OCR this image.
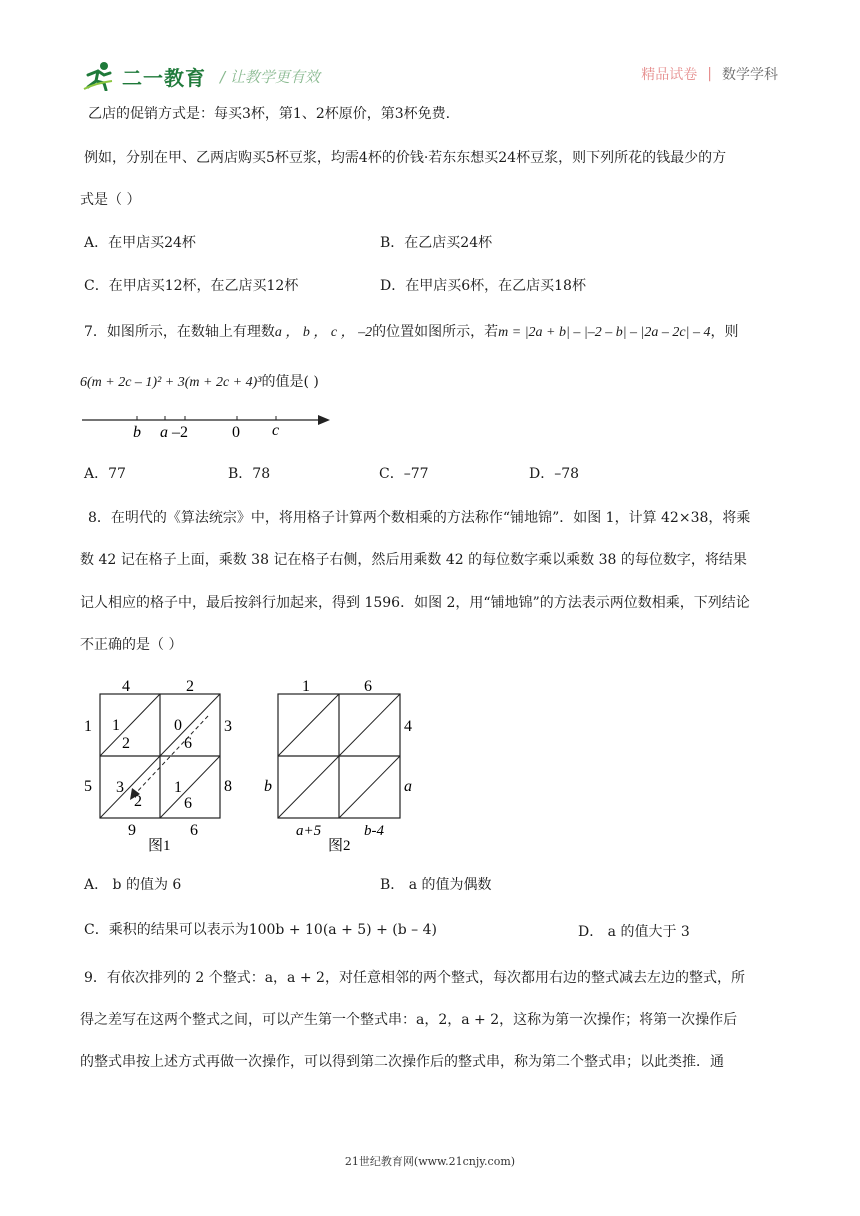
二一教育 / 让教学更有效	精品试卷 | 数学学科
乙店的促销方式是：每买3杯，第1、2杯原价，第3杯免费.
例如，分别在甲、乙两店购买5杯豆浆，均需4杯的价钱·若东东想买24杯豆浆，则下列所花的钱最少的方
式是（ ）
A．在甲店买24杯	B．在乙店买24杯
C．在甲店买12杯，在乙店买12杯	D．在甲店买6杯，在乙店买18杯
7．如图所示，在数轴上有理数a ， b ， c ， –2的位置如图所示，若m = |2a + b| – |–2 – b| – |2a – 2c| – 4，则
6(m + 2c – 1)² + 3(m + 2c + 4)³的值是( )
b a –2	0 c
A．77	B．78	C．–77	D．–78
8．在明代的《算法统宗》中，将用格子计算两个数相乘的方法称作“铺地锦”．如图 1，计算 42×38，将乘
数 42 记在格子上面，乘数 38 记在格子右侧，然后用乘数 42 的每位数字乘以乘数 38 的每位数字，将结果
记人相应的格子中，最后按斜行加起来，得到 1596．如图 2，用“铺地锦”的方法表示两位数相乘，下列结论
不正确的是（ ）
4	2
1
5
3
8
9	6
1
2
0
6
3
2
1
6
图1
1	6
4
b	a
a+5	b-4
图2
A． b 的值为 6	B． a 的值为偶数
C．乘积的结果可以表示为100b + 10(a + 5) + (b – 4)	D． a 的值大于 3
9．有依次排列的 2 个整式：a，a + 2，对任意相邻的两个整式，每次都用右边的整式减去左边的整式，所
得之差写在这两个整式之间，可以产生第一个整式串：a，2，a + 2，这称为第一次操作；将第一次操作后
的整式串按上述方式再做一次操作，可以得到第二次操作后的整式串，称为第二个整式串；以此类推．通
21世纪教育网(www.21cnjy.com)
